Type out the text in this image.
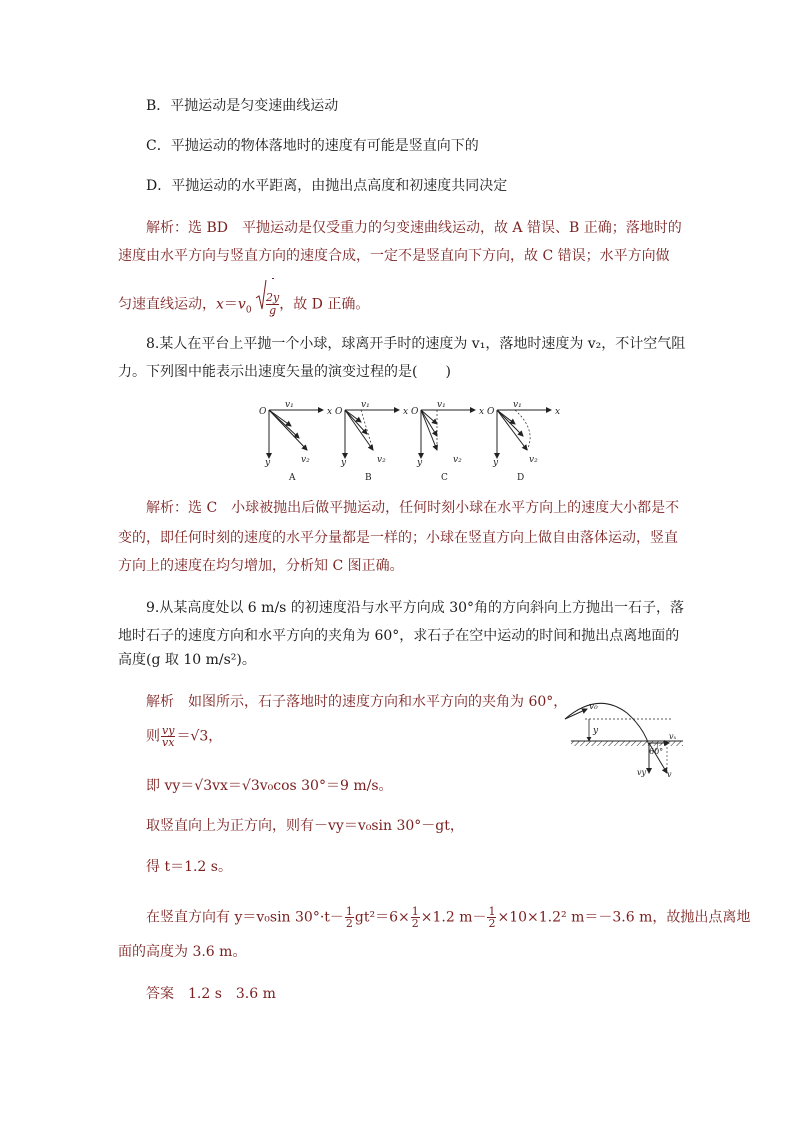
B．平抛运动是匀变速曲线运动
C．平抛运动的物体落地时的速度有可能是竖直向下的
D．平抛运动的水平距离，由抛出点高度和初速度共同决定
解析：选 BD　平抛运动是仅受重力的匀变速曲线运动，故 A 错误、B 正确；落地时的
速度由水平方向与竖直方向的速度合成，一定不是竖直向下方向，故 C 错误；水平方向做
匀速直线运动，$x=v_0$
2y
g ，故 D 正确。
8.某人在平台上平抛一个小球，球离开手时的速度为 v₁，落地时速度为 v₂，不计空气阻
力。下列图中能表示出速度矢量的演变过程的是(　　)
O	x
y
v₁
v₂
A
O	x
y
v₁
v₂
B
O	x
y
v₁
v₂
C
O	x
y
v₁
v₂
D
解析：选 C　小球被抛出后做平抛运动，任何时刻小球在水平方向上的速度大小都是不
变的，即任何时刻的速度的水平分量都是一样的；小球在竖直方向上做自由落体运动，竖直
方向上的速度在均匀增加，分析知 C 图正确。
9.从某高度处以 6 m/s 的初速度沿与水平方向成 30°角的方向斜向上方抛出一石子，落
地时石子的速度方向和水平方向的夹角为 60°，求石子在空中运动的时间和抛出点离地面的
高度(g 取 10 m/s²)。
解析　如图所示，石子落地时的速度方向和水平方向的夹角为 60°，
则 $\frac{vy}{vx} =√3$，
即 vy＝√3vx＝√3v₀cos 30°＝9 m/s。
取竖直向上为正方向，则有－vy＝v₀sin 30°－gt，
得 t＝1.2 s。
在竖直方向有 y＝v₀sin $30^\circ\cdot t- \frac{1}{2} gt^2=6\times \frac{1}{2} \times 1.2$ $m- \frac{1}{2} \times 10\times 1.2^2$ m＝－3.6 m，故抛出点离地
面的高度为 3.6 m。
答案　1.2 s　3.6 m
v₀
y
vₓ
vy	v
60°
